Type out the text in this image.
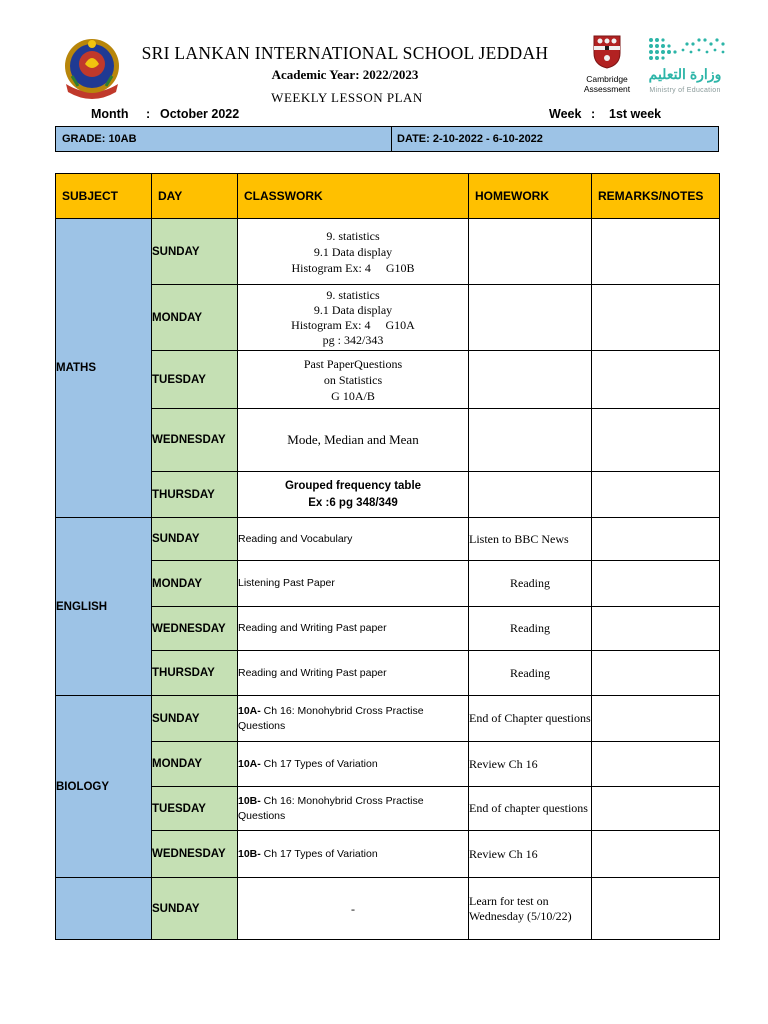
SRI LANKAN INTERNATIONAL SCHOOL JEDDAH
Academic Year: 2022/2023
WEEKLY LESSON PLAN
Cambridge
Assessment
وزارة التعليم
Ministry of Education
Month : October 2022	Week : 1st week
GRADE: 10AB	DATE: 2-10-2022 - 6-10-2022
SUBJECT	DAY	CLASSWORK	HOMEWORK	REMARKS/NOTES
MATHS	SUNDAY	9. statistics
9.1 Data display
Histogram Ex: 4     G10B		

	MONDAY	9. statistics
9.1 Data display
Histogram Ex: 4     G10A
pg : 342/343		

	TUESDAY	Past PaperQuestions
on Statistics
G 10A/B		

	WEDNESDAY	Mode, Median and Mean		
	THURSDAY	Grouped frequency table
Ex :6 pg 348/349		

ENGLISH	SUNDAY	Reading and Vocabulary	Listen to BBC News	
	MONDAY	Listening Past Paper	Reading	
	WEDNESDAY	Reading and Writing Past paper	Reading	
	THURSDAY	Reading and Writing Past paper	Reading	
BIOLOGY	SUNDAY	10A- Ch 16: Monohybrid Cross Practise Questions	End of Chapter questions	
	MONDAY	10A- Ch 17 Types of Variation	Review Ch 16	
	TUESDAY	10B- Ch 16: Monohybrid Cross Practise Questions	End of chapter questions	
	WEDNESDAY	10B- Ch 17 Types of Variation	Review Ch 16	
	SUNDAY	-	Learn for test on Wednesday (5/10/22)	
